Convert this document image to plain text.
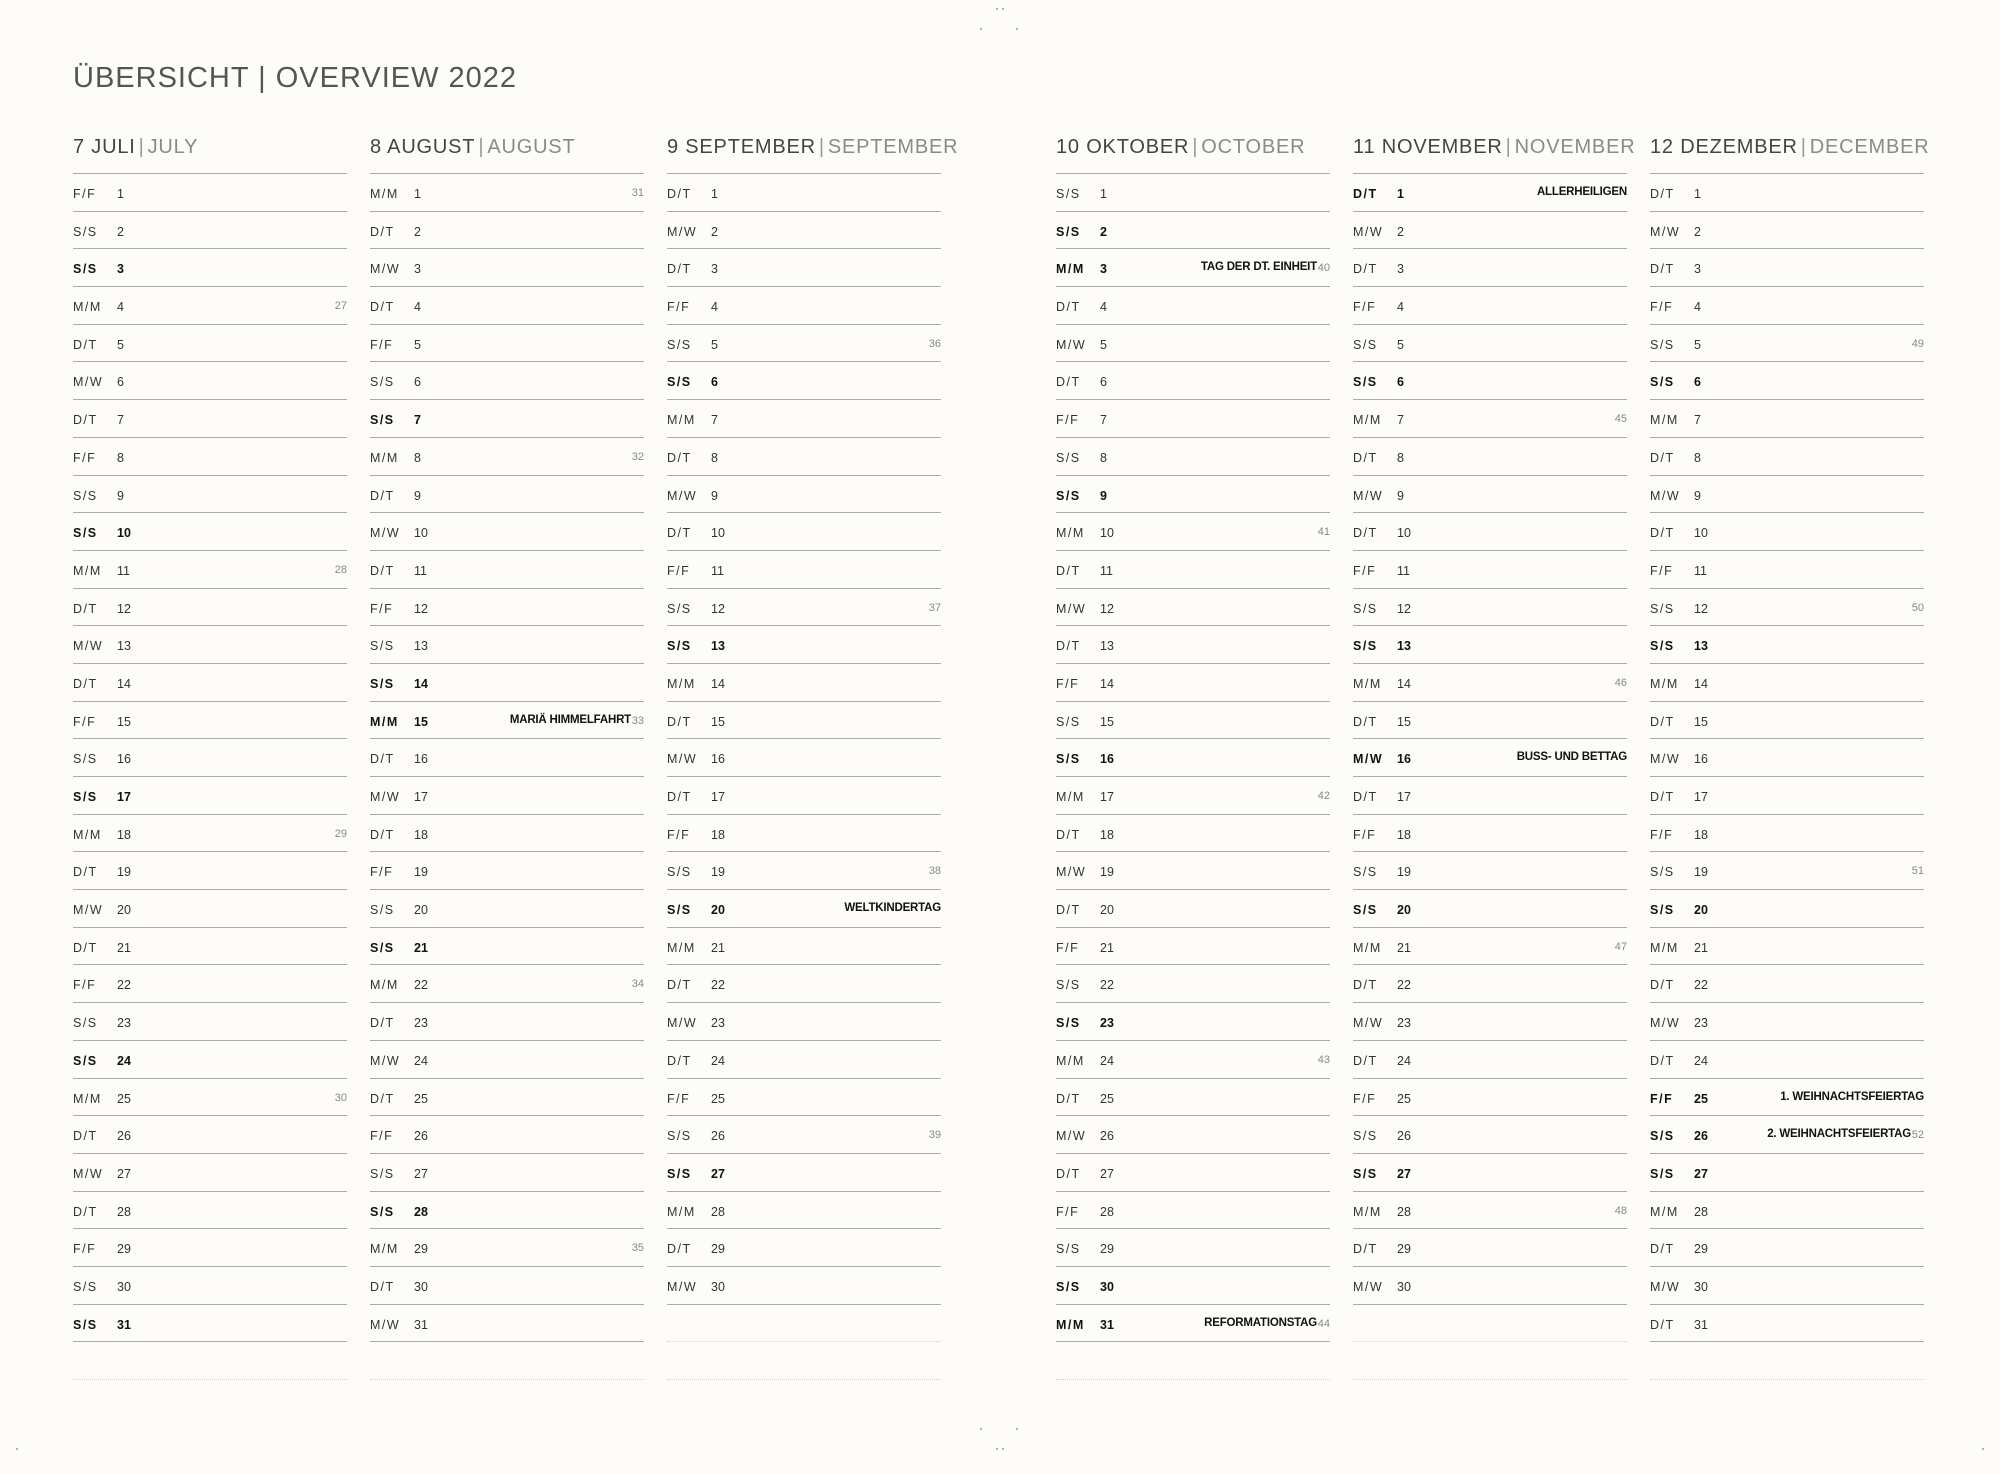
ÜBERSICHT | OVERVIEW 2022
7 JULI | JULY
F/F 1
S/S 2
S/S 3
M/M 4	27
D/T 5
M/W 6
D/T 7
F/F 8
S/S 9
S/S 10
M/M 11	28
D/T 12
M/W 13
D/T 14
F/F 15
S/S 16
S/S 17
M/M 18	29
D/T 19
M/W 20
D/T 21
F/F 22
S/S 23
S/S 24
M/M 25	30
D/T 26
M/W 27
D/T 28
F/F 29
S/S 30
S/S 31
8 AUGUST | AUGUST
M/M 1	31
D/T 2
M/W 3
D/T 4
F/F 5
S/S 6
S/S 7
M/M 8	32
D/T 9
M/W 10
D/T 11
F/F 12
S/S 13
S/S 14
M/M 15	MARIÄ HIMMELFAHRT 33
D/T 16
M/W 17
D/T 18
F/F 19
S/S 20
S/S 21
M/M 22	34
D/T 23
M/W 24
D/T 25
F/F 26
S/S 27
S/S 28
M/M 29	35
D/T 30
M/W 31
9 SEPTEMBER | SEPTEMBER
D/T 1
M/W 2
D/T 3
F/F 4
S/S 5	36
S/S 6
M/M 7
D/T 8
M/W 9
D/T 10
F/F 11
S/S 12	37
S/S 13
M/M 14
D/T 15
M/W 16
D/T 17
F/F 18
S/S 19	38
S/S 20	WELTKINDERTAG
M/M 21
D/T 22
M/W 23
D/T 24
F/F 25
S/S 26	39
S/S 27
M/M 28
D/T 29
M/W 30
10 OKTOBER | OCTOBER
S/S 1
S/S 2
M/M 3	TAG DER DT. EINHEIT 40
D/T 4
M/W 5
D/T 6
F/F 7
S/S 8
S/S 9
M/M 10	41
D/T 11
M/W 12
D/T 13
F/F 14
S/S 15
S/S 16
M/M 17	42
D/T 18
M/W 19
D/T 20
F/F 21
S/S 22
S/S 23
M/M 24	43
D/T 25
M/W 26
D/T 27
F/F 28
S/S 29
S/S 30
M/M 31	REFORMATIONSTAG 44
11 NOVEMBER | NOVEMBER
D/T 1	ALLERHEILIGEN
M/W 2
D/T 3
F/F 4
S/S 5
S/S 6
M/M 7	45
D/T 8
M/W 9
D/T 10
F/F 11
S/S 12
S/S 13
M/M 14	46
D/T 15
M/W 16	BUSS- UND BETTAG
D/T 17
F/F 18
S/S 19
S/S 20
M/M 21	47
D/T 22
M/W 23
D/T 24
F/F 25
S/S 26
S/S 27
M/M 28	48
D/T 29
M/W 30
12 DEZEMBER | DECEMBER
D/T 1
M/W 2
D/T 3
F/F 4
S/S 5	49
S/S 6
M/M 7
D/T 8
M/W 9
D/T 10
F/F 11
S/S 12	50
S/S 13
M/M 14
D/T 15
M/W 16
D/T 17
F/F 18
S/S 19	51
S/S 20
M/M 21
D/T 22
M/W 23
D/T 24
F/F 25	1. WEIHNACHTSFEIERTAG
S/S 26	2. WEIHNACHTSFEIERTAG 52
S/S 27
M/M 28
D/T 29
M/W 30
D/T 31
